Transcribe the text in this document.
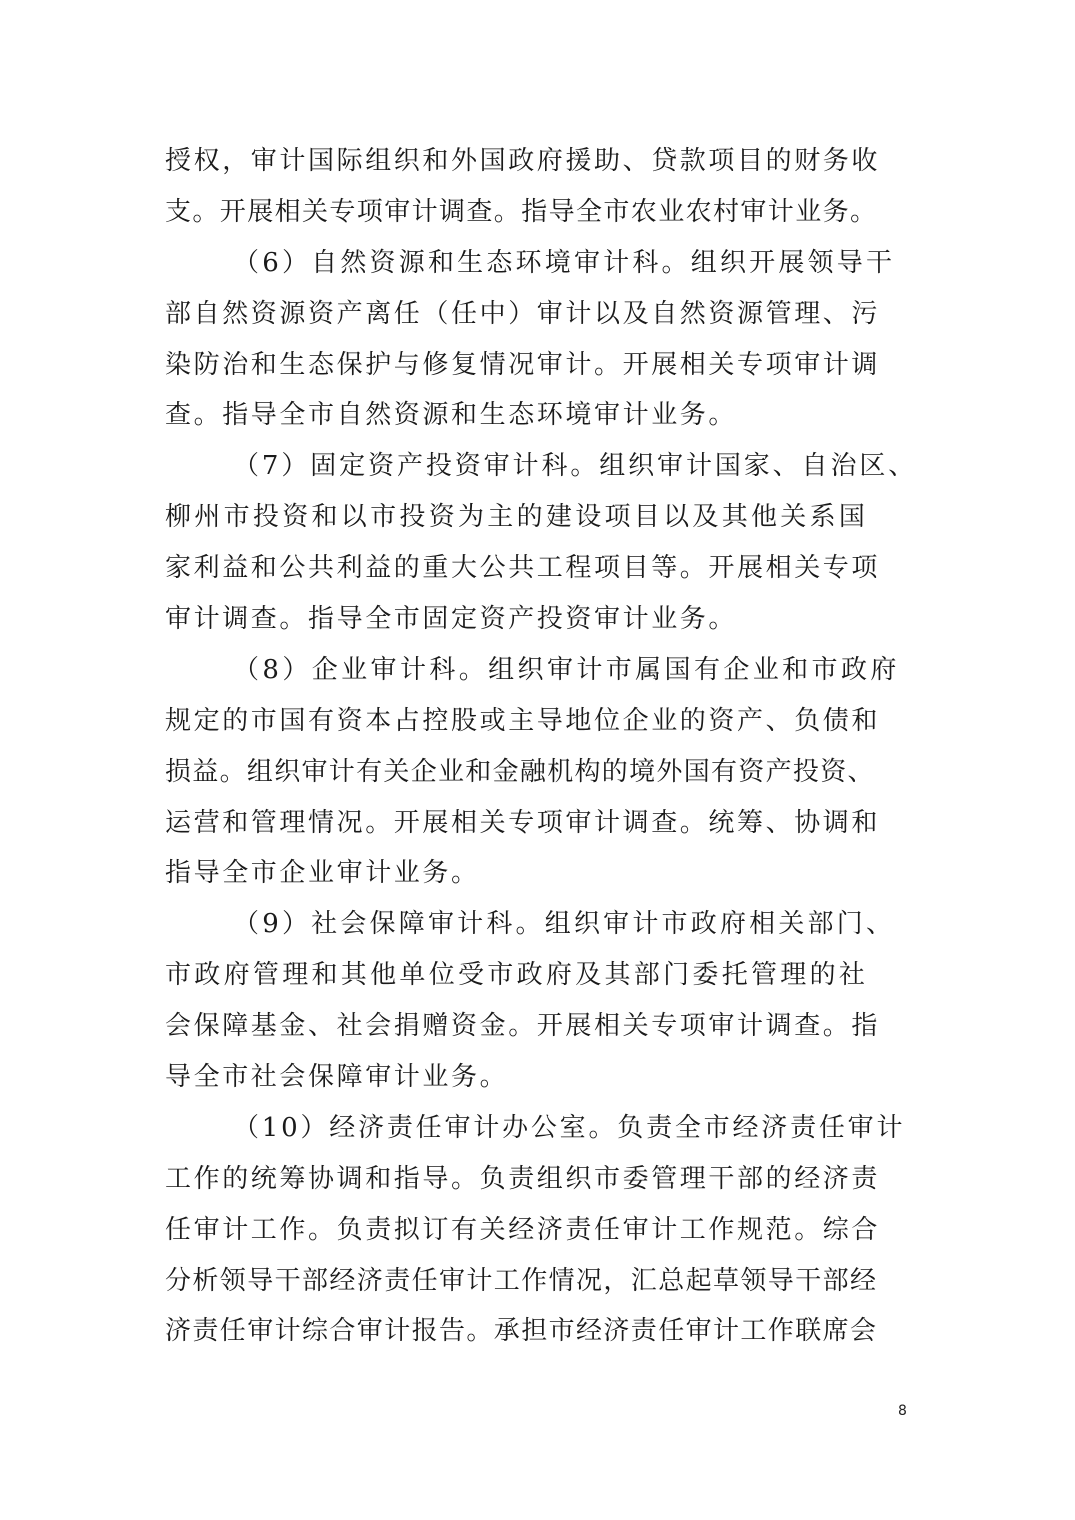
授权，审计国际组织和外国政府援助、贷款项目的财务收
支。开展相关专项审计调查。指导全市农业农村审计业务。
（6）自然资源和生态环境审计科。组织开展领导干
部自然资源资产离任（任中）审计以及自然资源管理、污
染防治和生态保护与修复情况审计。开展相关专项审计调
查。指导全市自然资源和生态环境审计业务。
（7）固定资产投资审计科。组织审计国家、自治区、
柳州市投资和以市投资为主的建设项目以及其他关系国
家利益和公共利益的重大公共工程项目等。开展相关专项
审计调查。指导全市固定资产投资审计业务。
（8）企业审计科。组织审计市属国有企业和市政府
规定的市国有资本占控股或主导地位企业的资产、负债和
损益。组织审计有关企业和金融机构的境外国有资产投资、
运营和管理情况。开展相关专项审计调查。统筹、协调和
指导全市企业审计业务。
（9）社会保障审计科。组织审计市政府相关部门、
市政府管理和其他单位受市政府及其部门委托管理的社
会保障基金、社会捐赠资金。开展相关专项审计调查。指
导全市社会保障审计业务。
（10）经济责任审计办公室。负责全市经济责任审计
工作的统筹协调和指导。负责组织市委管理干部的经济责
任审计工作。负责拟订有关经济责任审计工作规范。综合
分析领导干部经济责任审计工作情况，汇总起草领导干部经
济责任审计综合审计报告。承担市经济责任审计工作联席会
8
